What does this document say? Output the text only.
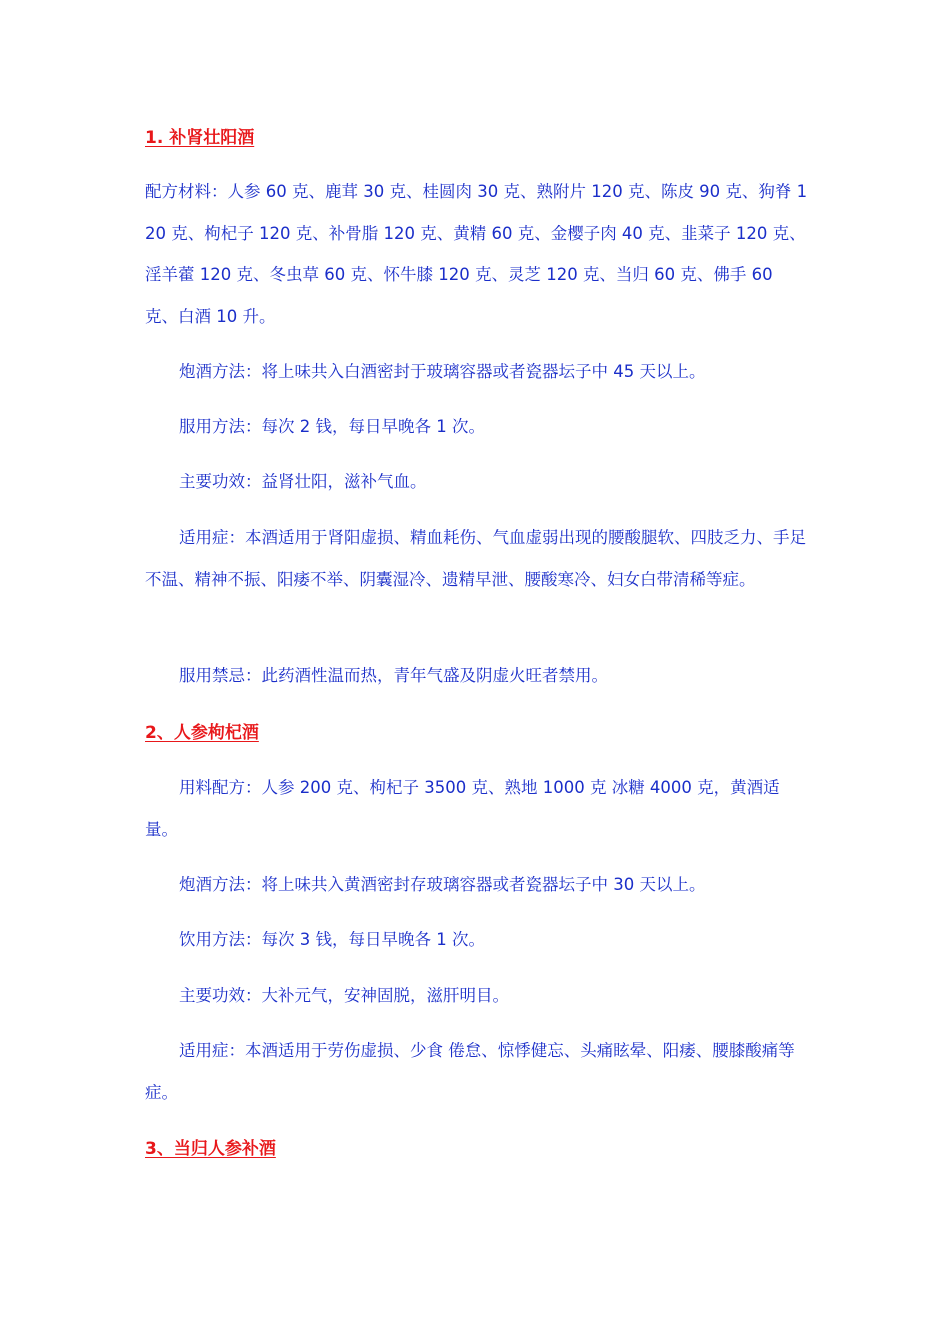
1. 补肾壮阳酒

配方材料：人参 60 克、鹿茸 30 克、桂圆肉 30 克、熟附片 120 克、陈皮 90 克、狗脊 120 克、枸杞子 120 克、补骨脂 120 克、黄精 60 克、金樱子肉 40 克、韭菜子 120 克、淫羊藿 120 克、冬虫草 60 克、怀牛膝 120 克、灵芝 120 克、当归 60 克、佛手 60 克、白酒 10 升。

炮酒方法：将上味共入白酒密封于玻璃容器或者瓷器坛子中 45 天以上。

服用方法：每次 2 钱，每日早晚各 1 次。

主要功效：益肾壮阳，滋补气血。

适用症：本酒适用于肾阳虚损、精血耗伤、气血虚弱出现的腰酸腿软、四肢乏力、手足不温、精神不振、阳痿不举、阴囊湿冷、遗精早泄、腰酸寒冷、妇女白带清稀等症。

服用禁忌：此药酒性温而热，青年气盛及阴虚火旺者禁用。

2、人参枸杞酒

用料配方：人参 200 克、枸杞子 3500 克、熟地 1000 克 冰糖 4000 克，黄酒适量。

炮酒方法：将上味共入黄酒密封存玻璃容器或者瓷器坛子中 30 天以上。

饮用方法：每次 3 钱，每日早晚各 1 次。

主要功效：大补元气，安神固脱，滋肝明目。

适用症：本酒适用于劳伤虚损、少食 倦怠、惊悸健忘、头痛眩晕、阳痿、腰膝酸痛等症。

3、当归人参补酒
